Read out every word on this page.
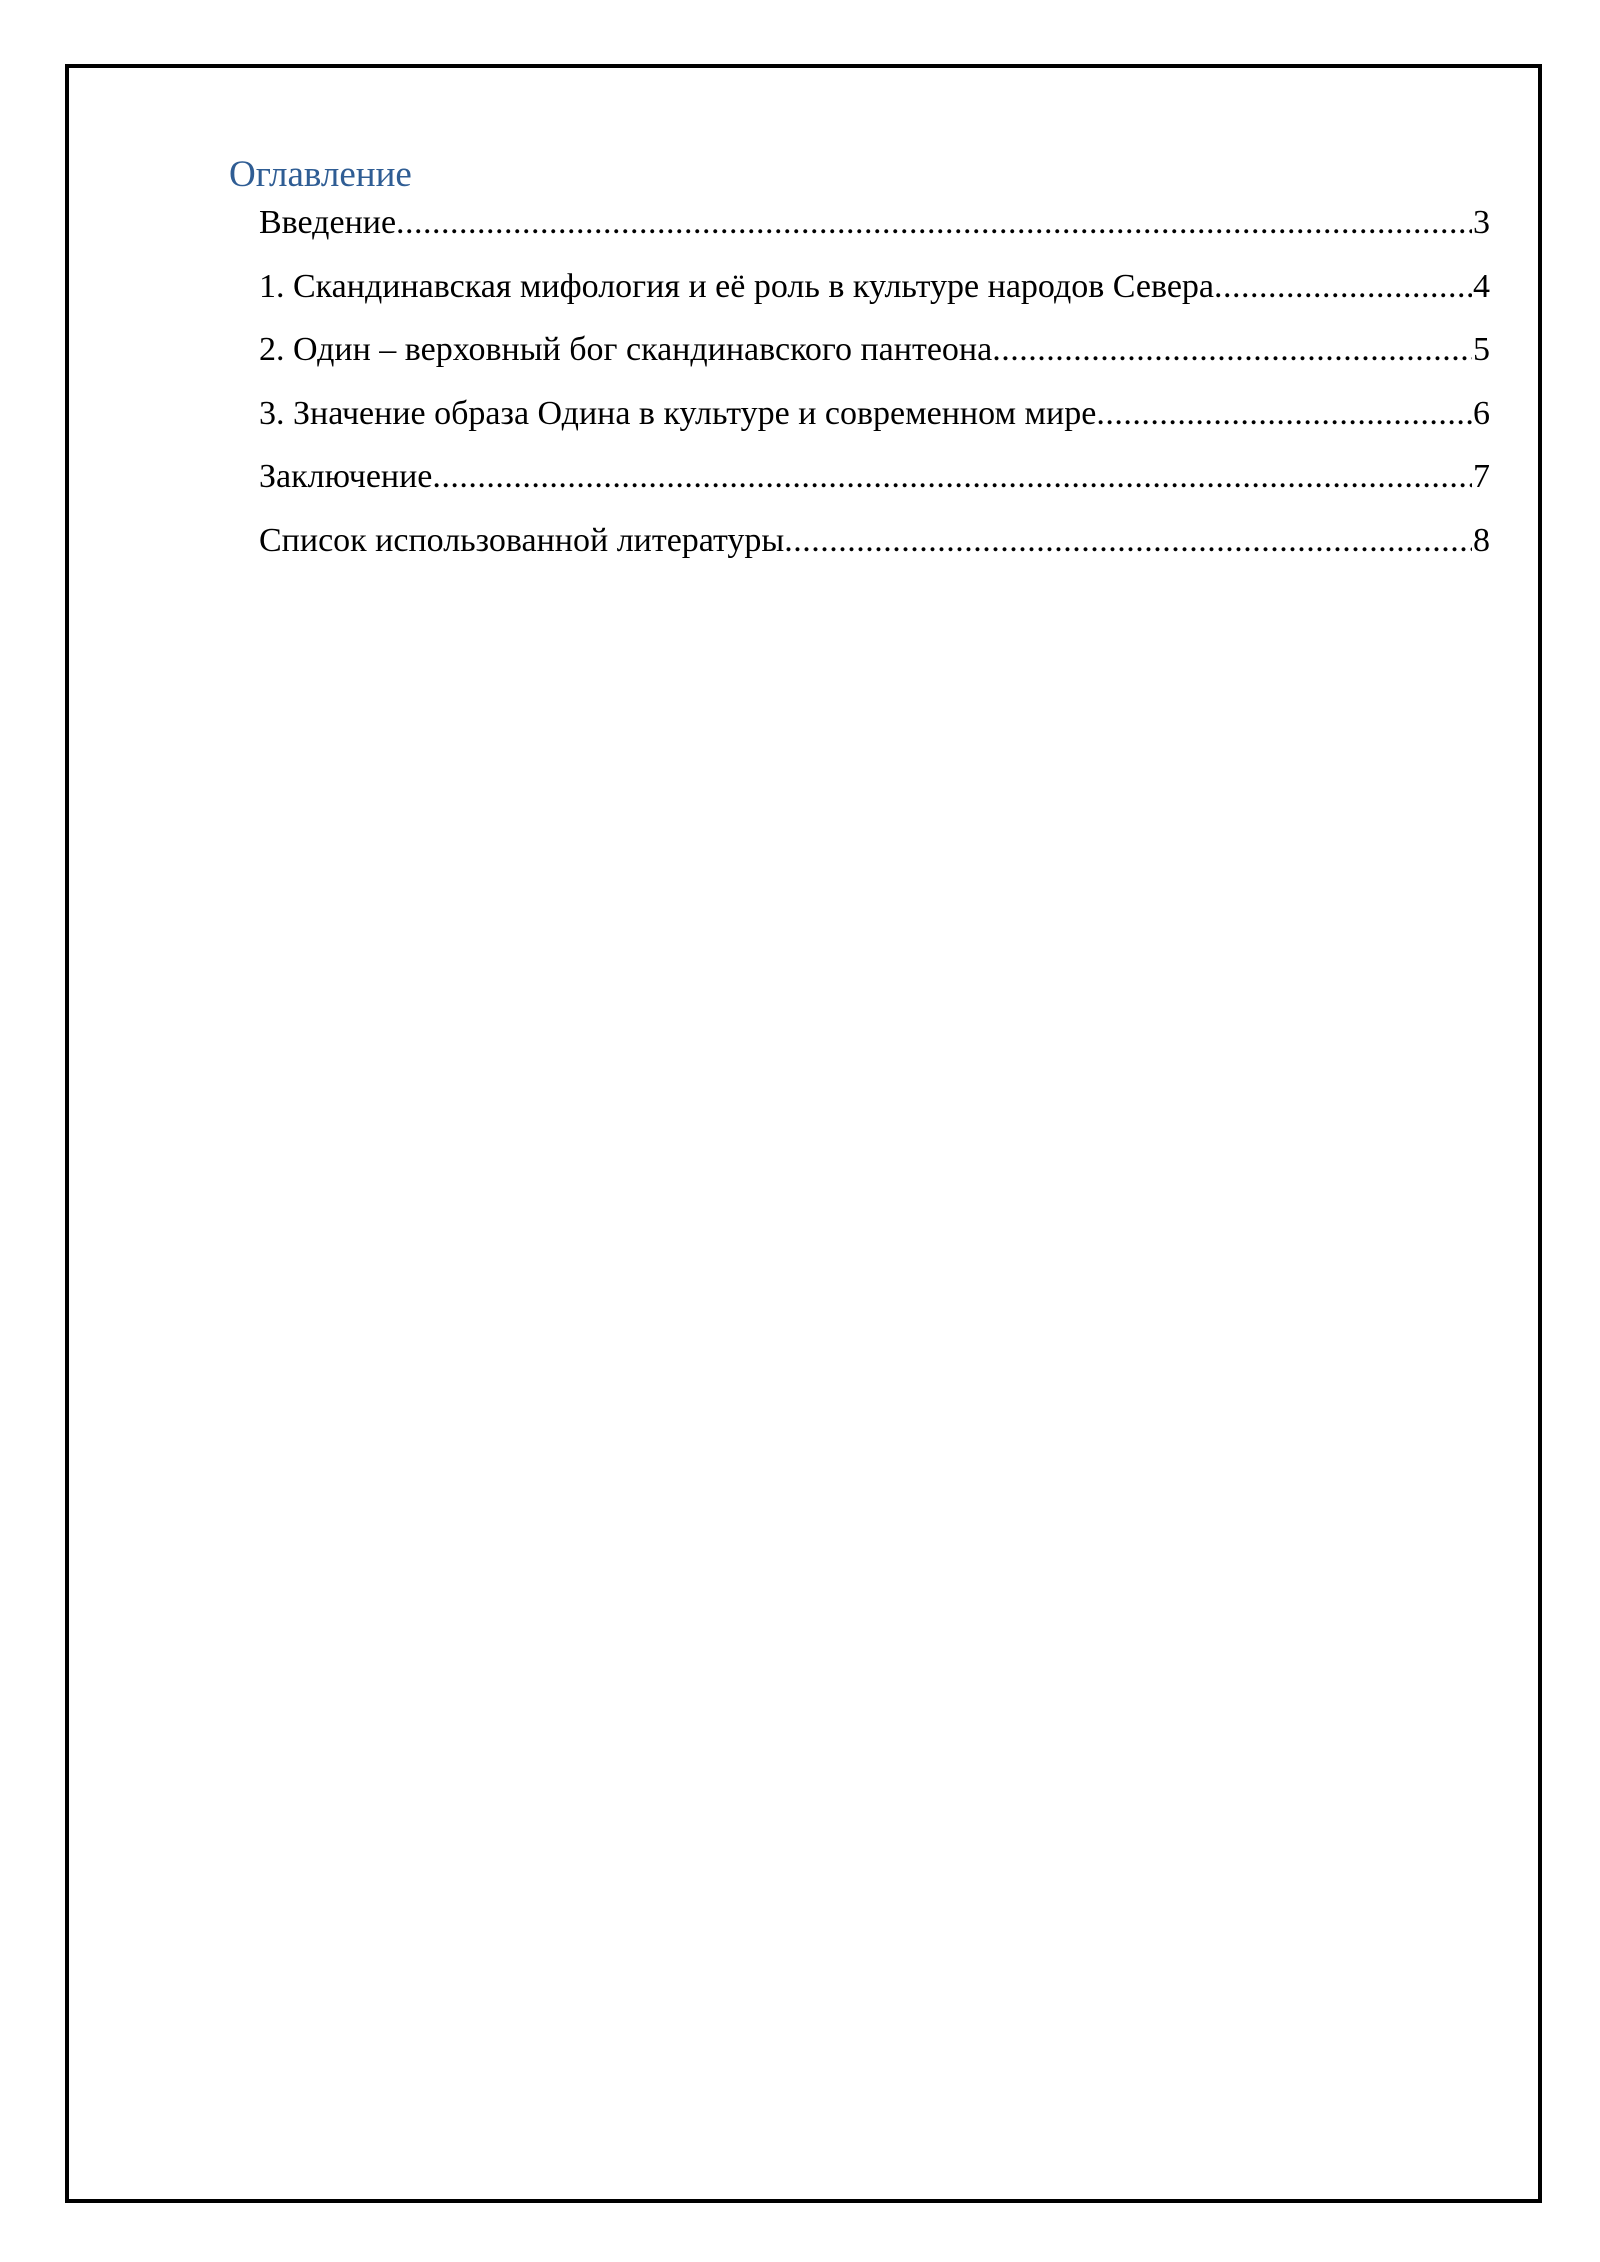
Оглавление
Введение .....	3
1. Скандинавская мифология и её роль в культуре народов Севера .....	4
2. Один – верховный бог скандинавского пантеона .....	5
3. Значение образа Одина в культуре и современном мире .....	6
Заключение .....	7
Список использованной литературы .....	8
